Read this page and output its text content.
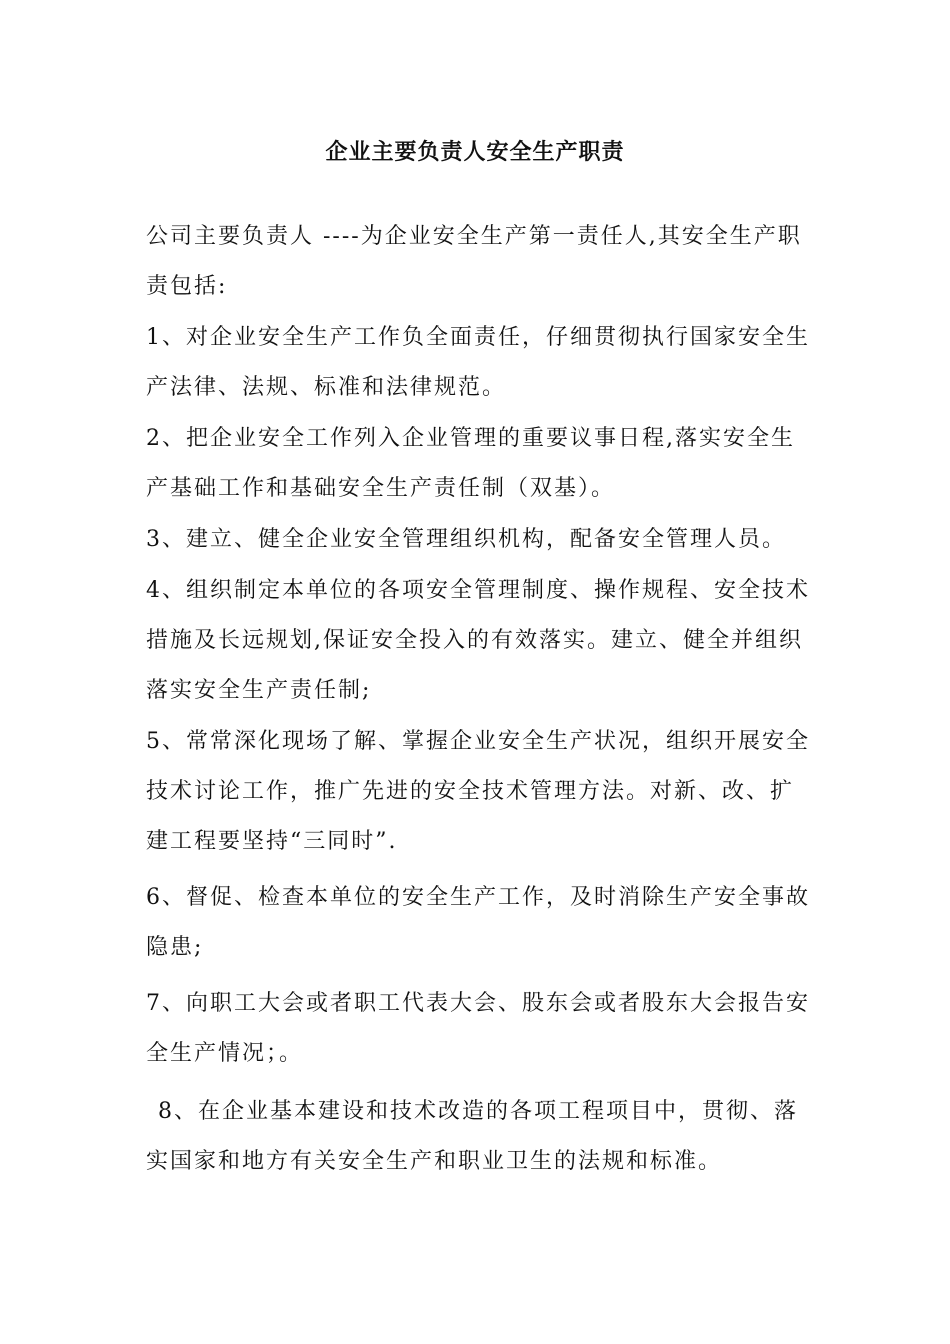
企业主要负责人安全生产职责

公司主要负责人 ----为企业安全生产第一责任人,其安全生产职责包括:

1、对企业安全生产工作负全面责任，仔细贯彻执行国家安全生产法律、法规、标准和法律规范。

2、把企业安全工作列入企业管理的重要议事日程,落实安全生产基础工作和基础安全生产责任制（双基）。

3、建立、健全企业安全管理组织机构，配备安全管理人员。

4、组织制定本单位的各项安全管理制度、操作规程、安全技术措施及长远规划,保证安全投入的有效落实。建立、健全并组织落实安全生产责任制;

5、常常深化现场了解、掌握企业安全生产状况，组织开展安全技术讨论工作，推广先进的安全技术管理方法。对新、改、扩建工程要坚持“三同时”.

6、督促、检查本单位的安全生产工作，及时消除生产安全事故隐患;

7、向职工大会或者职工代表大会、股东会或者股东大会报告安全生产情况；。

8、在企业基本建设和技术改造的各项工程项目中，贯彻、落实国家和地方有关安全生产和职业卫生的法规和标准。
